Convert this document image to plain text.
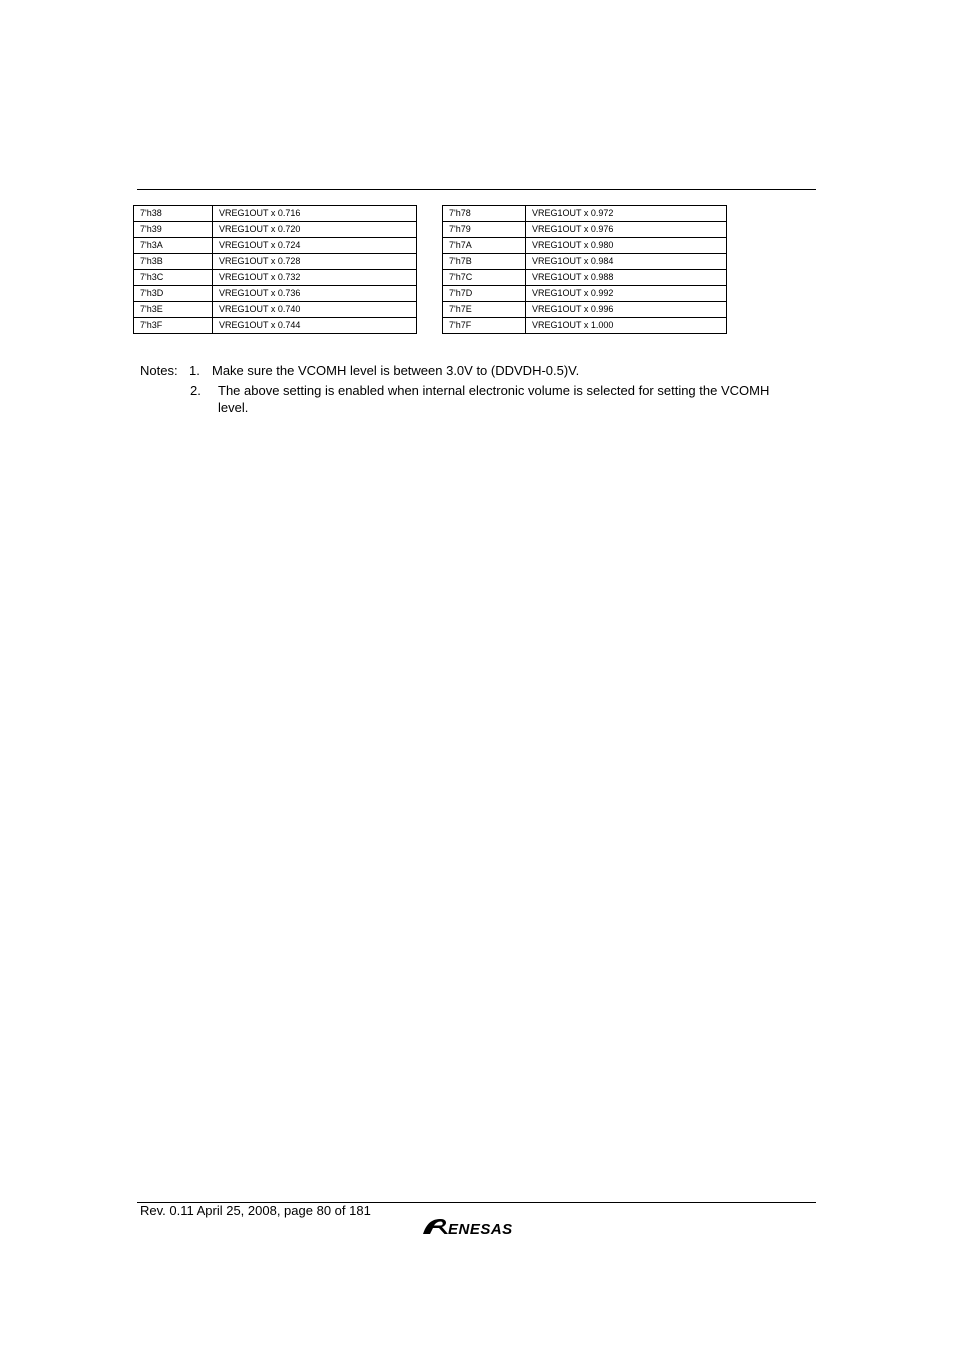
7'h38	VREG1OUT x 0.716
7'h39	VREG1OUT x 0.720
7'h3A	VREG1OUT x 0.724
7'h3B	VREG1OUT x 0.728
7'h3C	VREG1OUT x 0.732
7'h3D	VREG1OUT x 0.736
7'h3E	VREG1OUT x 0.740
7'h3F	VREG1OUT x 0.744
7'h78	VREG1OUT x 0.972
7'h79	VREG1OUT x 0.976
7'h7A	VREG1OUT x 0.980
7'h7B	VREG1OUT x 0.984
7'h7C	VREG1OUT x 0.988
7'h7D	VREG1OUT x 0.992
7'h7E	VREG1OUT x 0.996
7'h7F	VREG1OUT x 1.000
Notes: 1. Make sure the VCOMH level is between 3.0V to (DDVDH-0.5)V.
2. The above setting is enabled when internal electronic volume is selected for setting the VCOMH
level.
Rev. 0.11 April 25, 2008, page 80 of 181
ENESAS
